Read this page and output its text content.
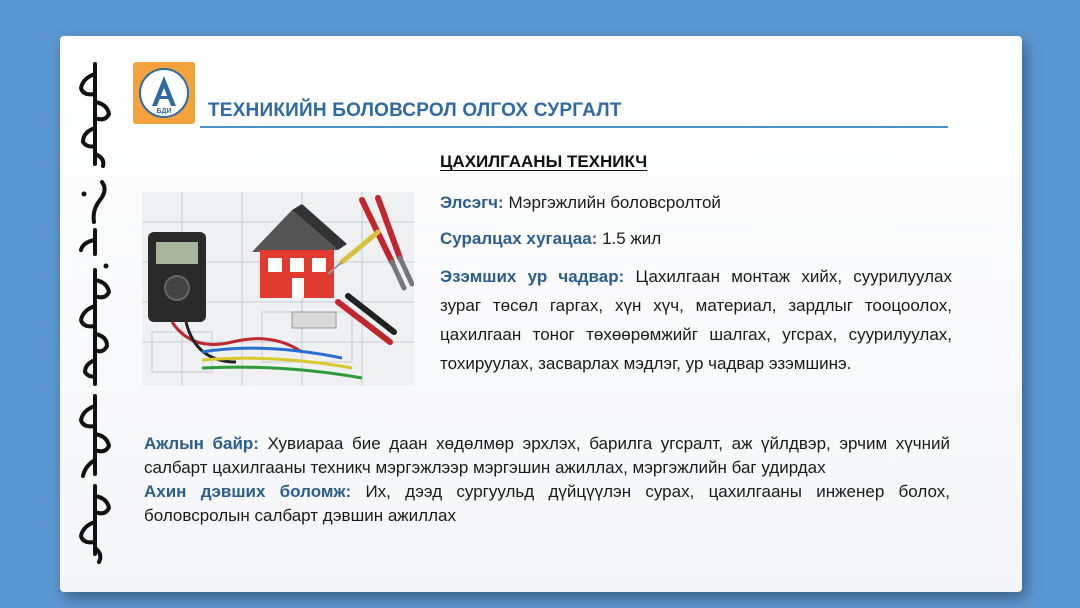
БДИ ТЕХНИКИЙН БОЛОВСРОЛ ОЛГОХ СУРГАЛТ
ЦАХИЛГААНЫ ТЕХНИКЧ
Элсэгч: Мэргэжлийн боловсролтой
Суралцах хугацаа: 1.5 жил
Эзэмших ур чадвар: Цахилгаан монтаж хийх, суурилуулах зураг төсөл гаргах, хүн хүч, материал, зардлыг тооцоолох, цахилгаан тоног төхөөрөмжийг шалгах, угсрах, суурилуулах, тохируулах, засварлах мэдлэг, ур чадвар эзэмшинэ.

Ажлын байр: Хувиараа бие даан хөдөлмөр эрхлэх, барилга угсралт, аж үйлдвэр, эрчим хүчний салбарт цахилгааны техникч мэргэжлээр мэргэшин ажиллах, мэргэжлийн баг удирдах

Ахин дэвших боломж: Их, дээд сургуульд дүйцүүлэн сурах, цахилгааны инженер болох, боловсролын салбарт дэвшин ажиллах
